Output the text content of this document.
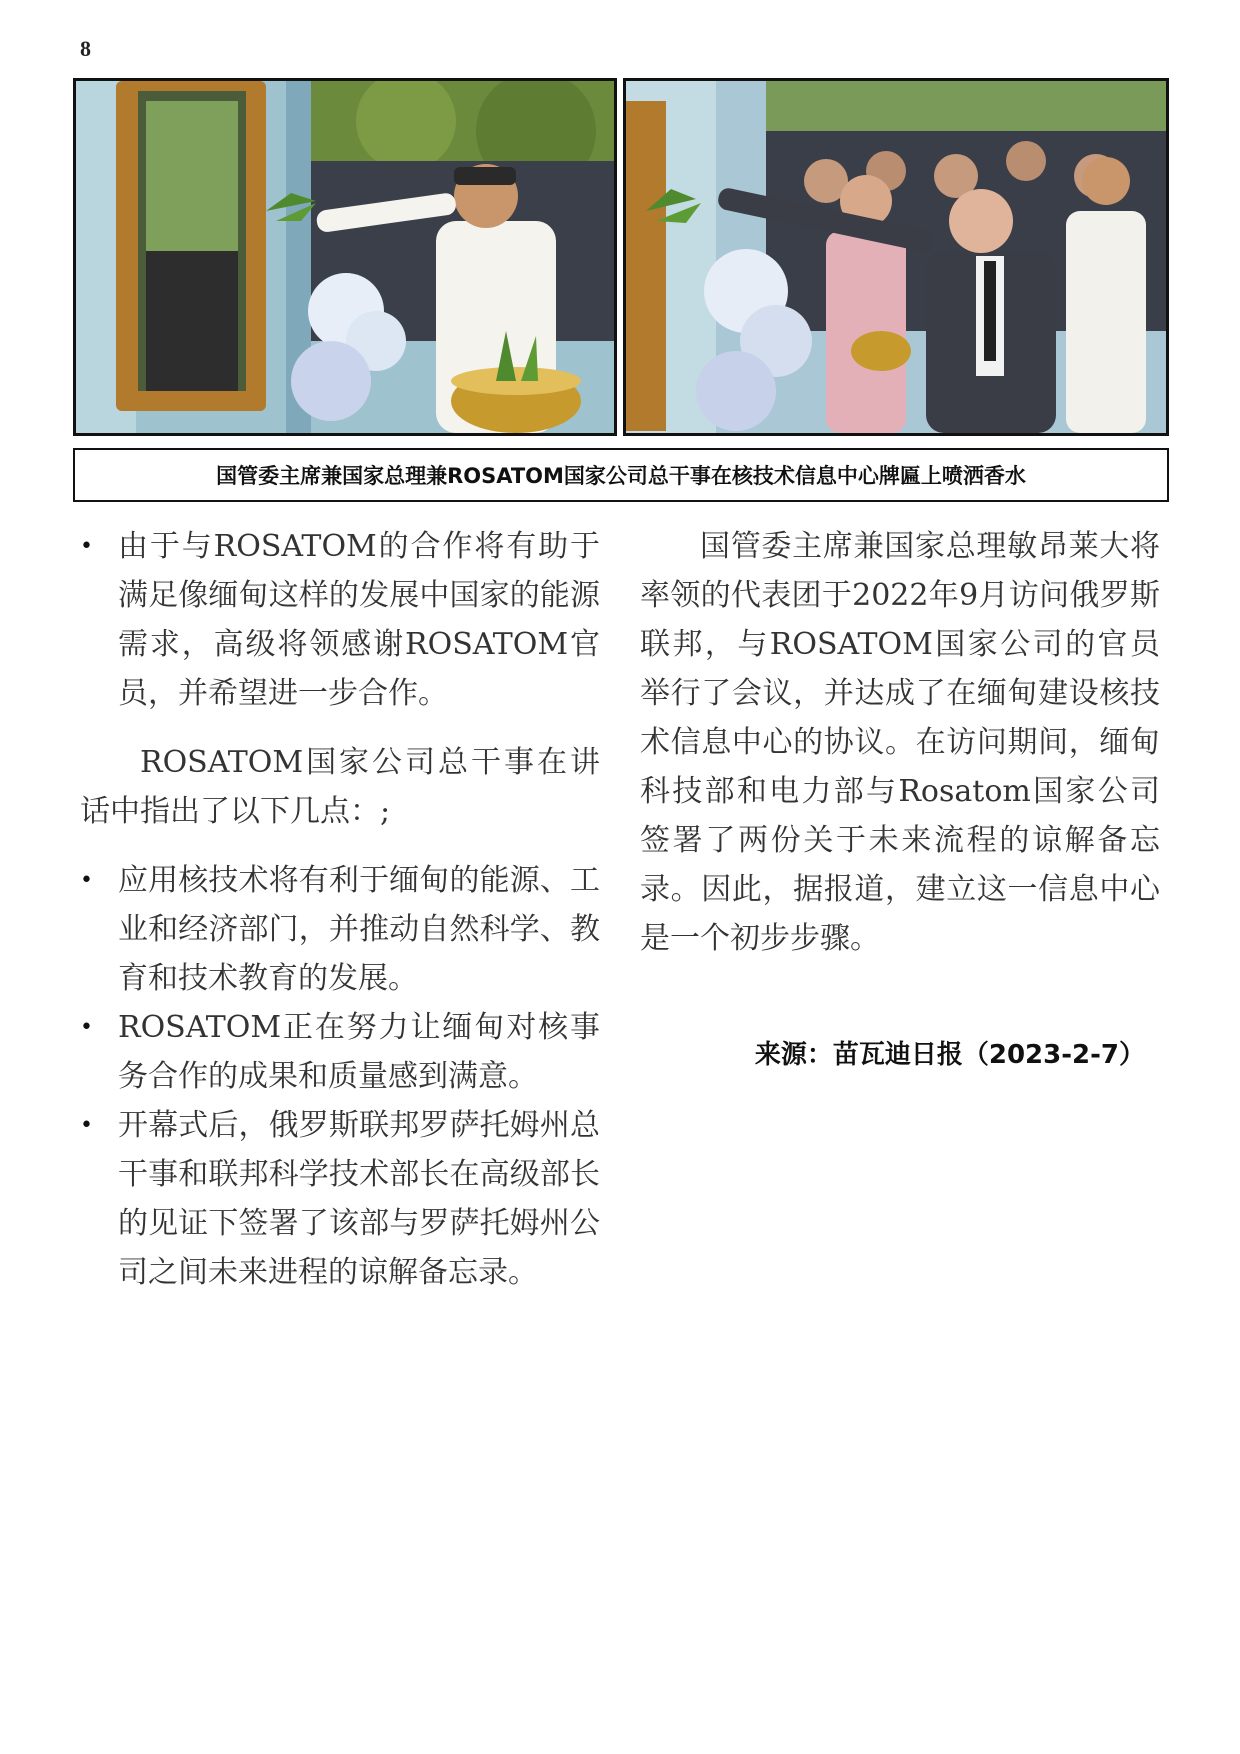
8
国管委主席兼国家总理兼ROSATOM国家公司总干事在核技术信息中心牌匾上喷洒香水
• 由于与ROSATOM的合作将有助于满足像缅甸这样的发展中国家的能源需求，高级将领感谢ROSATOM官员，并希望进一步合作。

ROSATOM国家公司总干事在讲话中指出了以下几点：;

• 应用核技术将有利于缅甸的能源、工业和经济部门，并推动自然科学、教育和技术教育的发展。
• ROSATOM正在努力让缅甸对核事务合作的成果和质量感到满意。
• 开幕式后，俄罗斯联邦罗萨托姆州总干事和联邦科学技术部长在高级部长的见证下签署了该部与罗萨托姆州公司之间未来进程的谅解备忘录。

国管委主席兼国家总理敏昂莱大将率领的代表团于2022年9月访问俄罗斯联邦，与ROSATOM国家公司的官员举行了会议，并达成了在缅甸建设核技术信息中心的协议。在访问期间，缅甸科技部和电力部与Rosatom国家公司签署了两份关于未来流程的谅解备忘录。因此，据报道，建立这一信息中心是一个初步步骤。

来源：苗瓦迪日报（2023-2-7）
